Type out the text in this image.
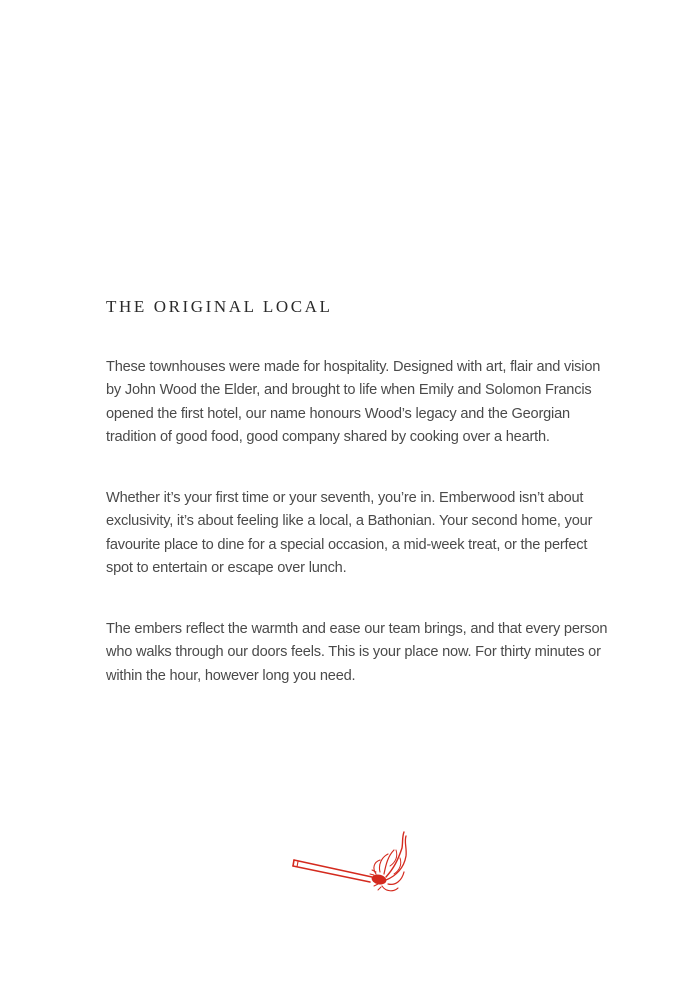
THE ORIGINAL LOCAL

These townhouses were made for hospitality. Designed with art, flair and vision
by John Wood the Elder, and brought to life when Emily and Solomon Francis
opened the first hotel, our name honours Wood’s legacy and the Georgian
tradition of good food, good company shared by cooking over a hearth.

Whether it’s your first time or your seventh, you’re in. Emberwood isn’t about
exclusivity, it’s about feeling like a local, a Bathonian. Your second home, your
favourite place to dine for a special occasion, a mid-week treat, or the perfect
spot to entertain or escape over lunch.

The embers reflect the warmth and ease our team brings, and that every person
who walks through our doors feels. This is your place now. For thirty minutes or
within the hour, however long you need.
